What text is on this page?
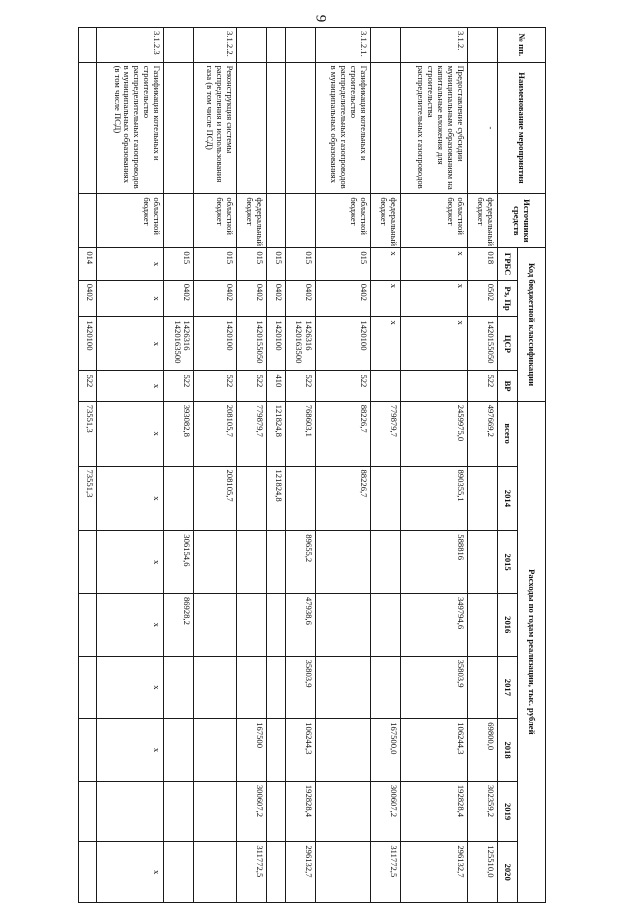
9
№ пп.	Наименование мероприятия	Источники средств	Код бюджетной классификации				Расходы по годам реализации, тыс. рублей							
			ГРБС	Рз, Пр	ЦСР	ВР	всего	2014	2015	2016	2017	2018	2019	2020
	-	федеральный бюджет	018	0502	1420155050	522	497669,2					69800,0	302359,2	125510,0
3.1.2.	Предоставление субсидии муниципальным образованиям на капитальные вложения для строительства распределительных газопроводов	областной бюджет	х	х	х		2459975,0	890355,1	588816	349794,6	35803,9	106244,3	192828,4	296132,7
		федеральный бюджет	х	х	х		779879,7					167500,0	300607,2	311772,5
3.1.2.1.	Газификация котельных и строительство распределительных газопроводов в муниципальных образованиях	областной бюджет	015	0402	1420100	522	88226,7	88226,7						
			015	0402	1426316 1420163500	522	768603,1		89655,2	47938,6	35803,9	106244,3	192828,4	296132,7
			015	0402	1420100	410	121824,8	121824,8						
		федеральный бюджет	015	0402	1420155050	522	779879,7					167500	300607,2	311772,5
3.1.2.2.	Реконструкция системы распределения и использования газа (в том числе ПСД)	областной бюджет	015	0402	1420100	522	208105,7	208105,7						
			015	0402	1426316 1420163500	522	393082,8		306154,6	86928,2				
3.1.2.3	Газификация котельных и строительство распределительных газопроводов в муниципальных образованиях (в том числе ПСД)	областной бюджет	х	х	х	х	х	х	х	х	х	х		х
			014	0402	1420100	522	73551,3	73551,3						
